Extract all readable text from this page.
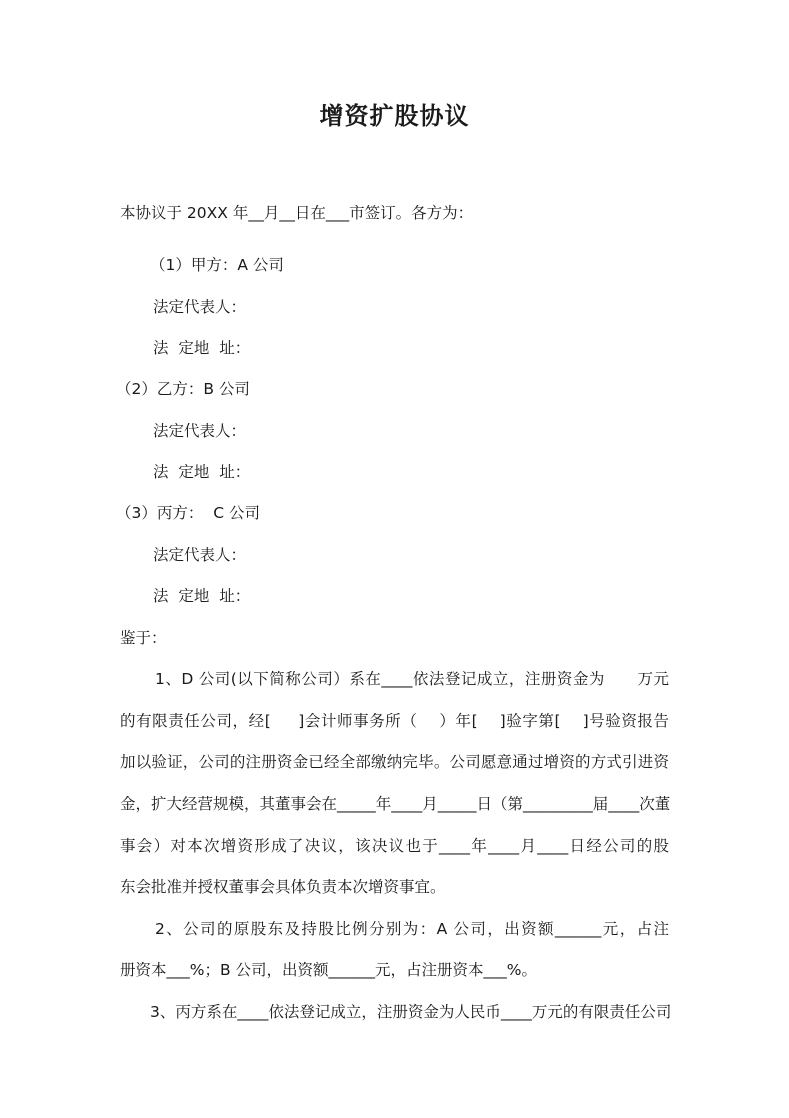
增资扩股协议

本协议于 20XX 年__月__日在___市签订。各方为：

（1）甲方：A 公司

法定代表人：

法  定地  址：

（2）乙方：B 公司

法定代表人：

法  定地  址：

（3）丙方：  C 公司

法定代表人：

法  定地  址：

鉴于：

1、D 公司(以下简称公司）系在____依法登记成立，注册资金为      万元

的有限责任公司，经[     ]会计师事务所（    ）年[    ]验字第[    ]号验资报告

加以验证，公司的注册资金已经全部缴纳完毕。公司愿意通过增资的方式引进资

金，扩大经营规模，其董事会在_____年____月_____日（第_________届____次董

事会）对本次增资形成了决议，该决议也于____年____月____日经公司的股

东会批准并授权董事会具体负责本次增资事宜。

2、公司的原股东及持股比例分别为：A 公司，出资额______元，占注

册资本___%；B 公司，出资额______元，占注册资本___%。

3、丙方系在____依法登记成立，注册资金为人民币____万元的有限责任公司
